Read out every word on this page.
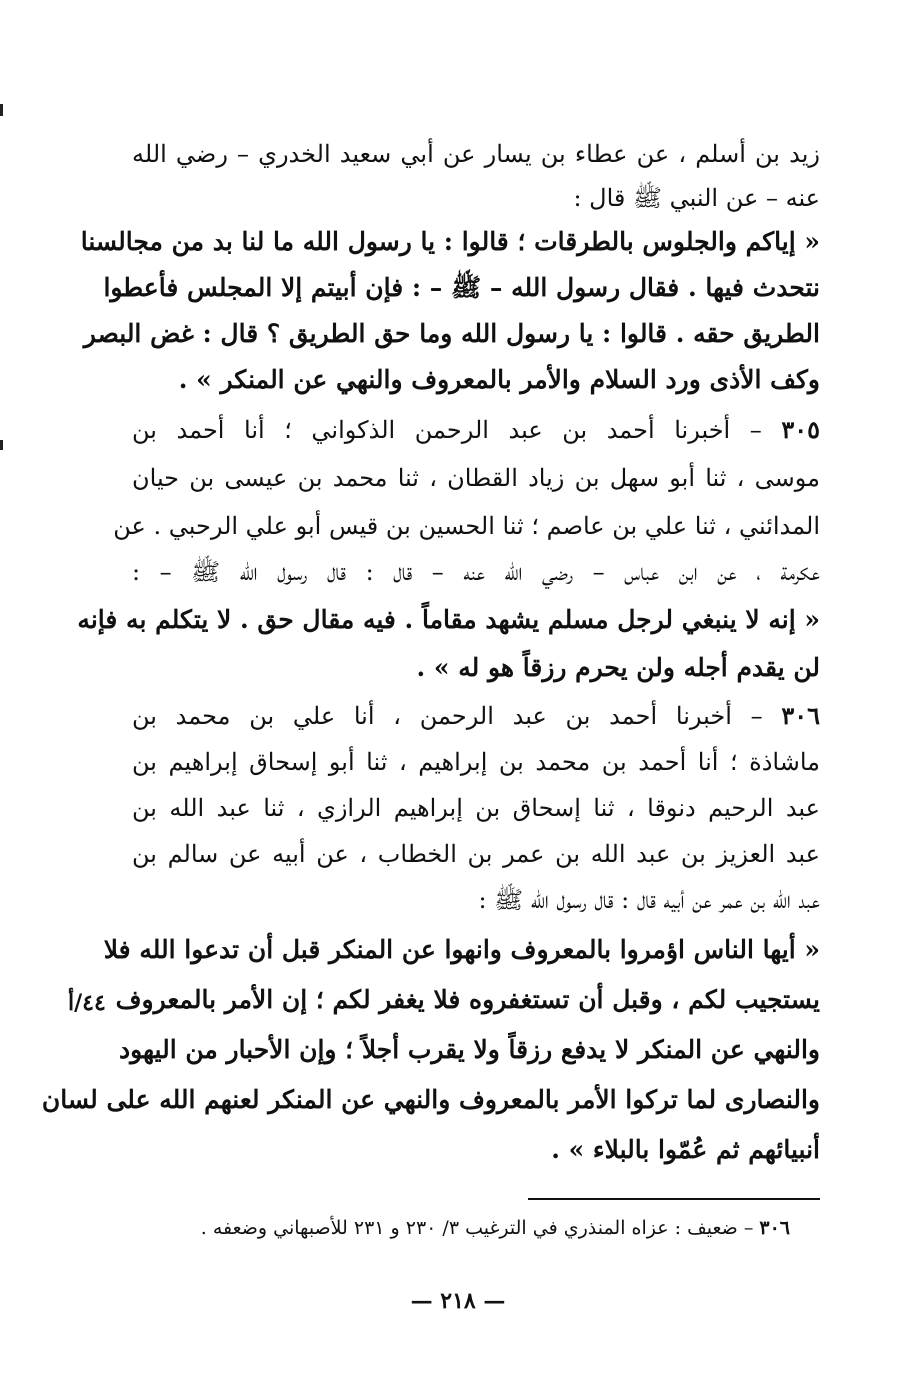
زيد بن أسلم ، عن عطاء بن يسار عن أبي سعيد الخدري – رضي الله
عنه – عن النبي ﷺ قال :
« إياكم والجلوس بالطرقات ؛ قالوا : يا رسول الله ما لنا بد من مجالسنا
نتحدث فيها . فقال رسول الله – ﷺ – : فإن أبيتم إلا المجلس فأعطوا
الطريق حقه . قالوا : يا رسول الله وما حق الطريق ؟ قال : غض البصر
وكف الأذى ورد السلام والأمر بالمعروف والنهي عن المنكر » .
٣٠٥ – أخبرنا أحمد بن عبد الرحمن الذكواني ؛ أنا أحمد بن
موسى ، ثنا أبو سهل بن زياد القطان ، ثنا محمد بن عيسى بن حيان
المدائني ، ثنا علي بن عاصم ؛ ثنا الحسين بن قيس أبو علي الرحبي . عن
عكرمة ، عن ابن عباس – رضي الله عنه – قال : قال رسول الله ﷺ – :
« إنه لا ينبغي لرجل مسلم يشهد مقاماً . فيه مقال حق . لا يتكلم به فإنه
لن يقدم أجله ولن يحرم رزقاً هو له » .
٣٠٦ – أخبرنا أحمد بن عبد الرحمن ، أنا علي بن محمد بن
ماشاذة ؛ أنا أحمد بن محمد بن إبراهيم ، ثنا أبو إسحاق إبراهيم بن
عبد الرحيم دنوقا ، ثنا إسحاق بن إبراهيم الرازي ، ثنا عبد الله بن
عبد العزيز بن عبد الله بن عمر بن الخطاب ، عن أبيه عن سالم بن
عبد الله بن عمر عن أبيه قال : قال رسول الله ﷺ :
« أيها الناس اؤمروا بالمعروف وانهوا عن المنكر قبل أن تدعوا الله فلا
يستجيب لكم ، وقبل أن تستغفروه فلا يغفر لكم ؛ إن الأمر بالمعروف
والنهي عن المنكر لا يدفع رزقاً ولا يقرب أجلاً ؛ وإن الأحبار من اليهود
والنصارى لما تركوا الأمر بالمعروف والنهي عن المنكر لعنهم الله على لسان
أنبيائهم ثم عُمّوا بالبلاء » .
٤٤/أ
٣٠٦ – ضعيف : عزاه المنذري في الترغيب ٣/ ٢٣٠ و ٢٣١ للأصبهاني وضعفه .
— ٢١٨ —
